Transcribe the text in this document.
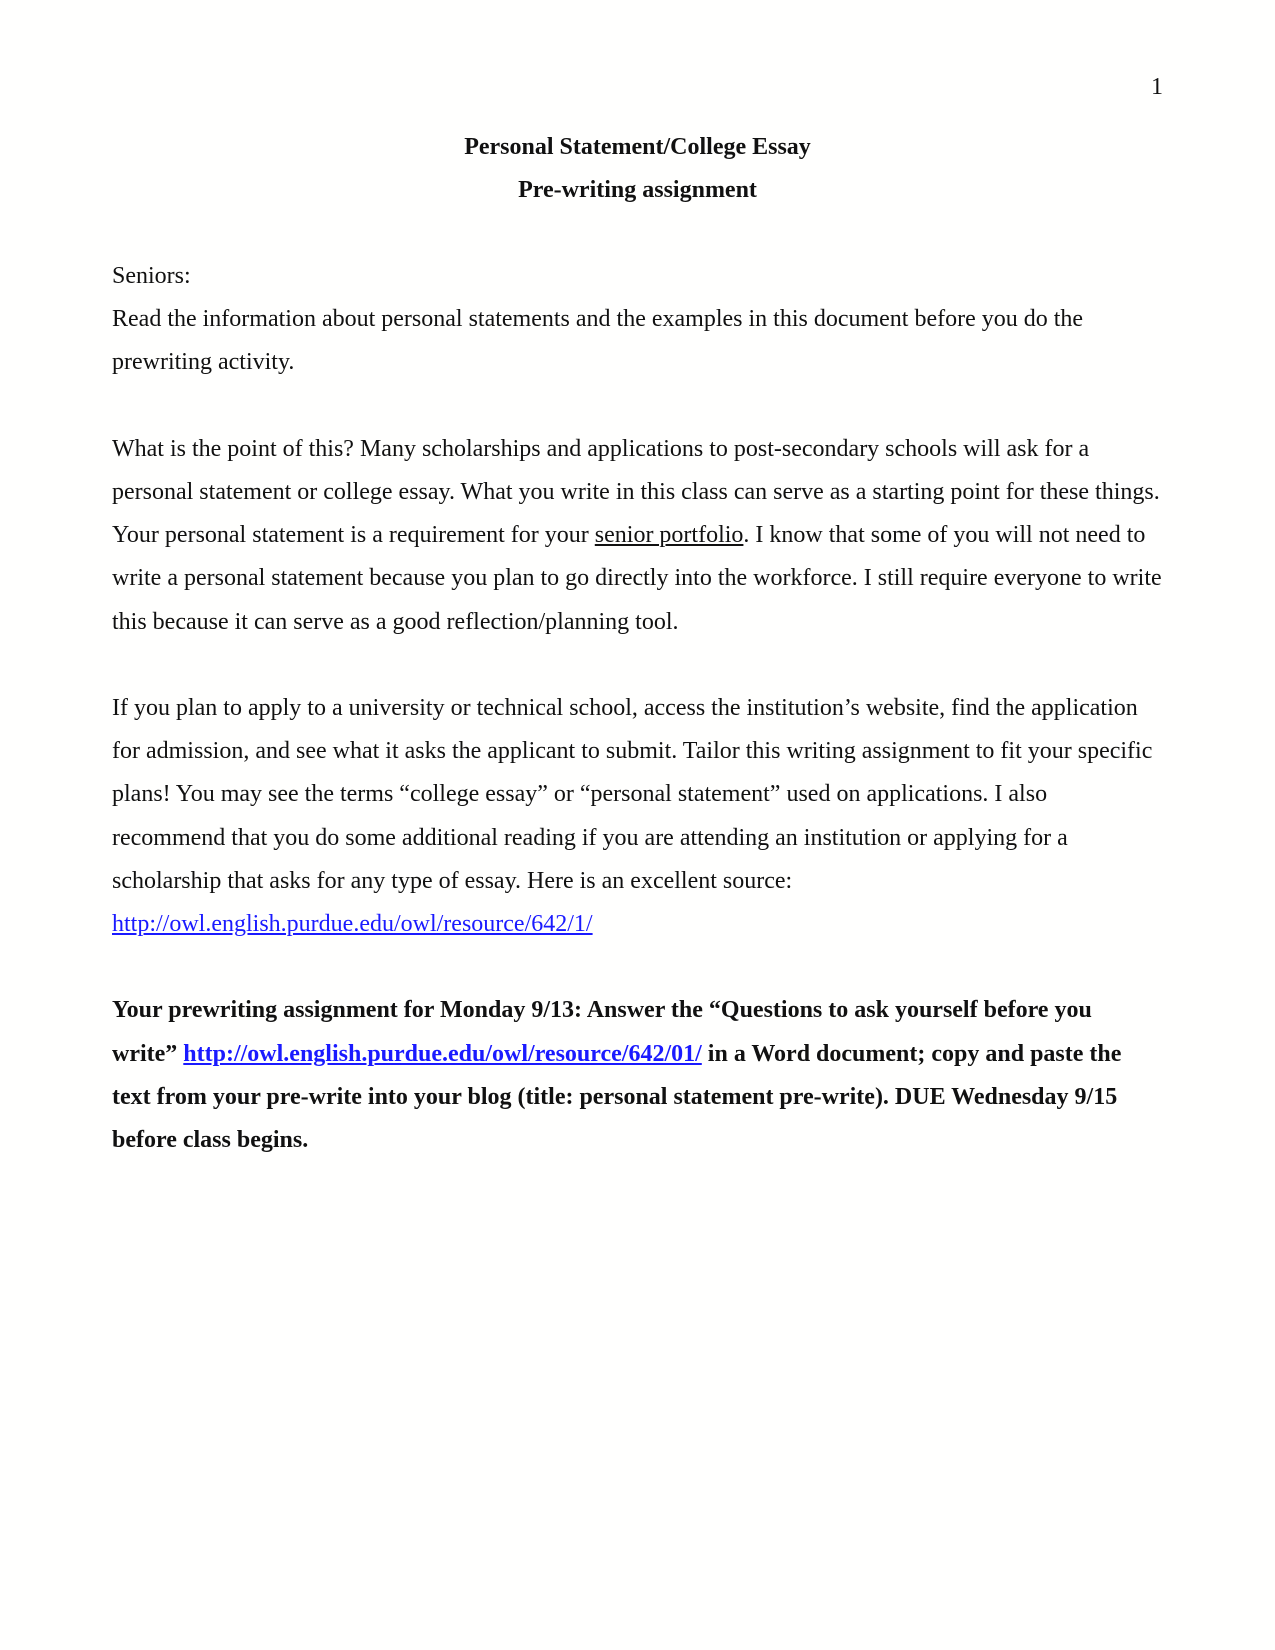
1
Personal Statement/College Essay
Pre-writing assignment

Seniors:

Read the information about personal statements and the examples in this document before you do the prewriting activity.

What is the point of this? Many scholarships and applications to post-secondary schools will ask for a personal statement or college essay. What you write in this class can serve as a starting point for these things. Your personal statement is a requirement for your senior portfolio. I know that some of you will not need to write a personal statement because you plan to go directly into the workforce. I still require everyone to write this because it can serve as a good reflection/planning tool.

If you plan to apply to a university or technical school, access the institution’s website, find the application for admission, and see what it asks the applicant to submit. Tailor this writing assignment to fit your specific plans! You may see the terms “college essay” or “personal statement” used on applications. I also recommend that you do some additional reading if you are attending an institution or applying for a scholarship that asks for any type of essay. Here is an excellent source:
http://owl.english.purdue.edu/owl/resource/642/1/

Your prewriting assignment for Monday 9/13: Answer the “Questions to ask yourself before you write” http://owl.english.purdue.edu/owl/resource/642/01/ in a Word document; copy and paste the text from your pre-write into your blog (title: personal statement pre-write). DUE Wednesday 9/15 before class begins.
